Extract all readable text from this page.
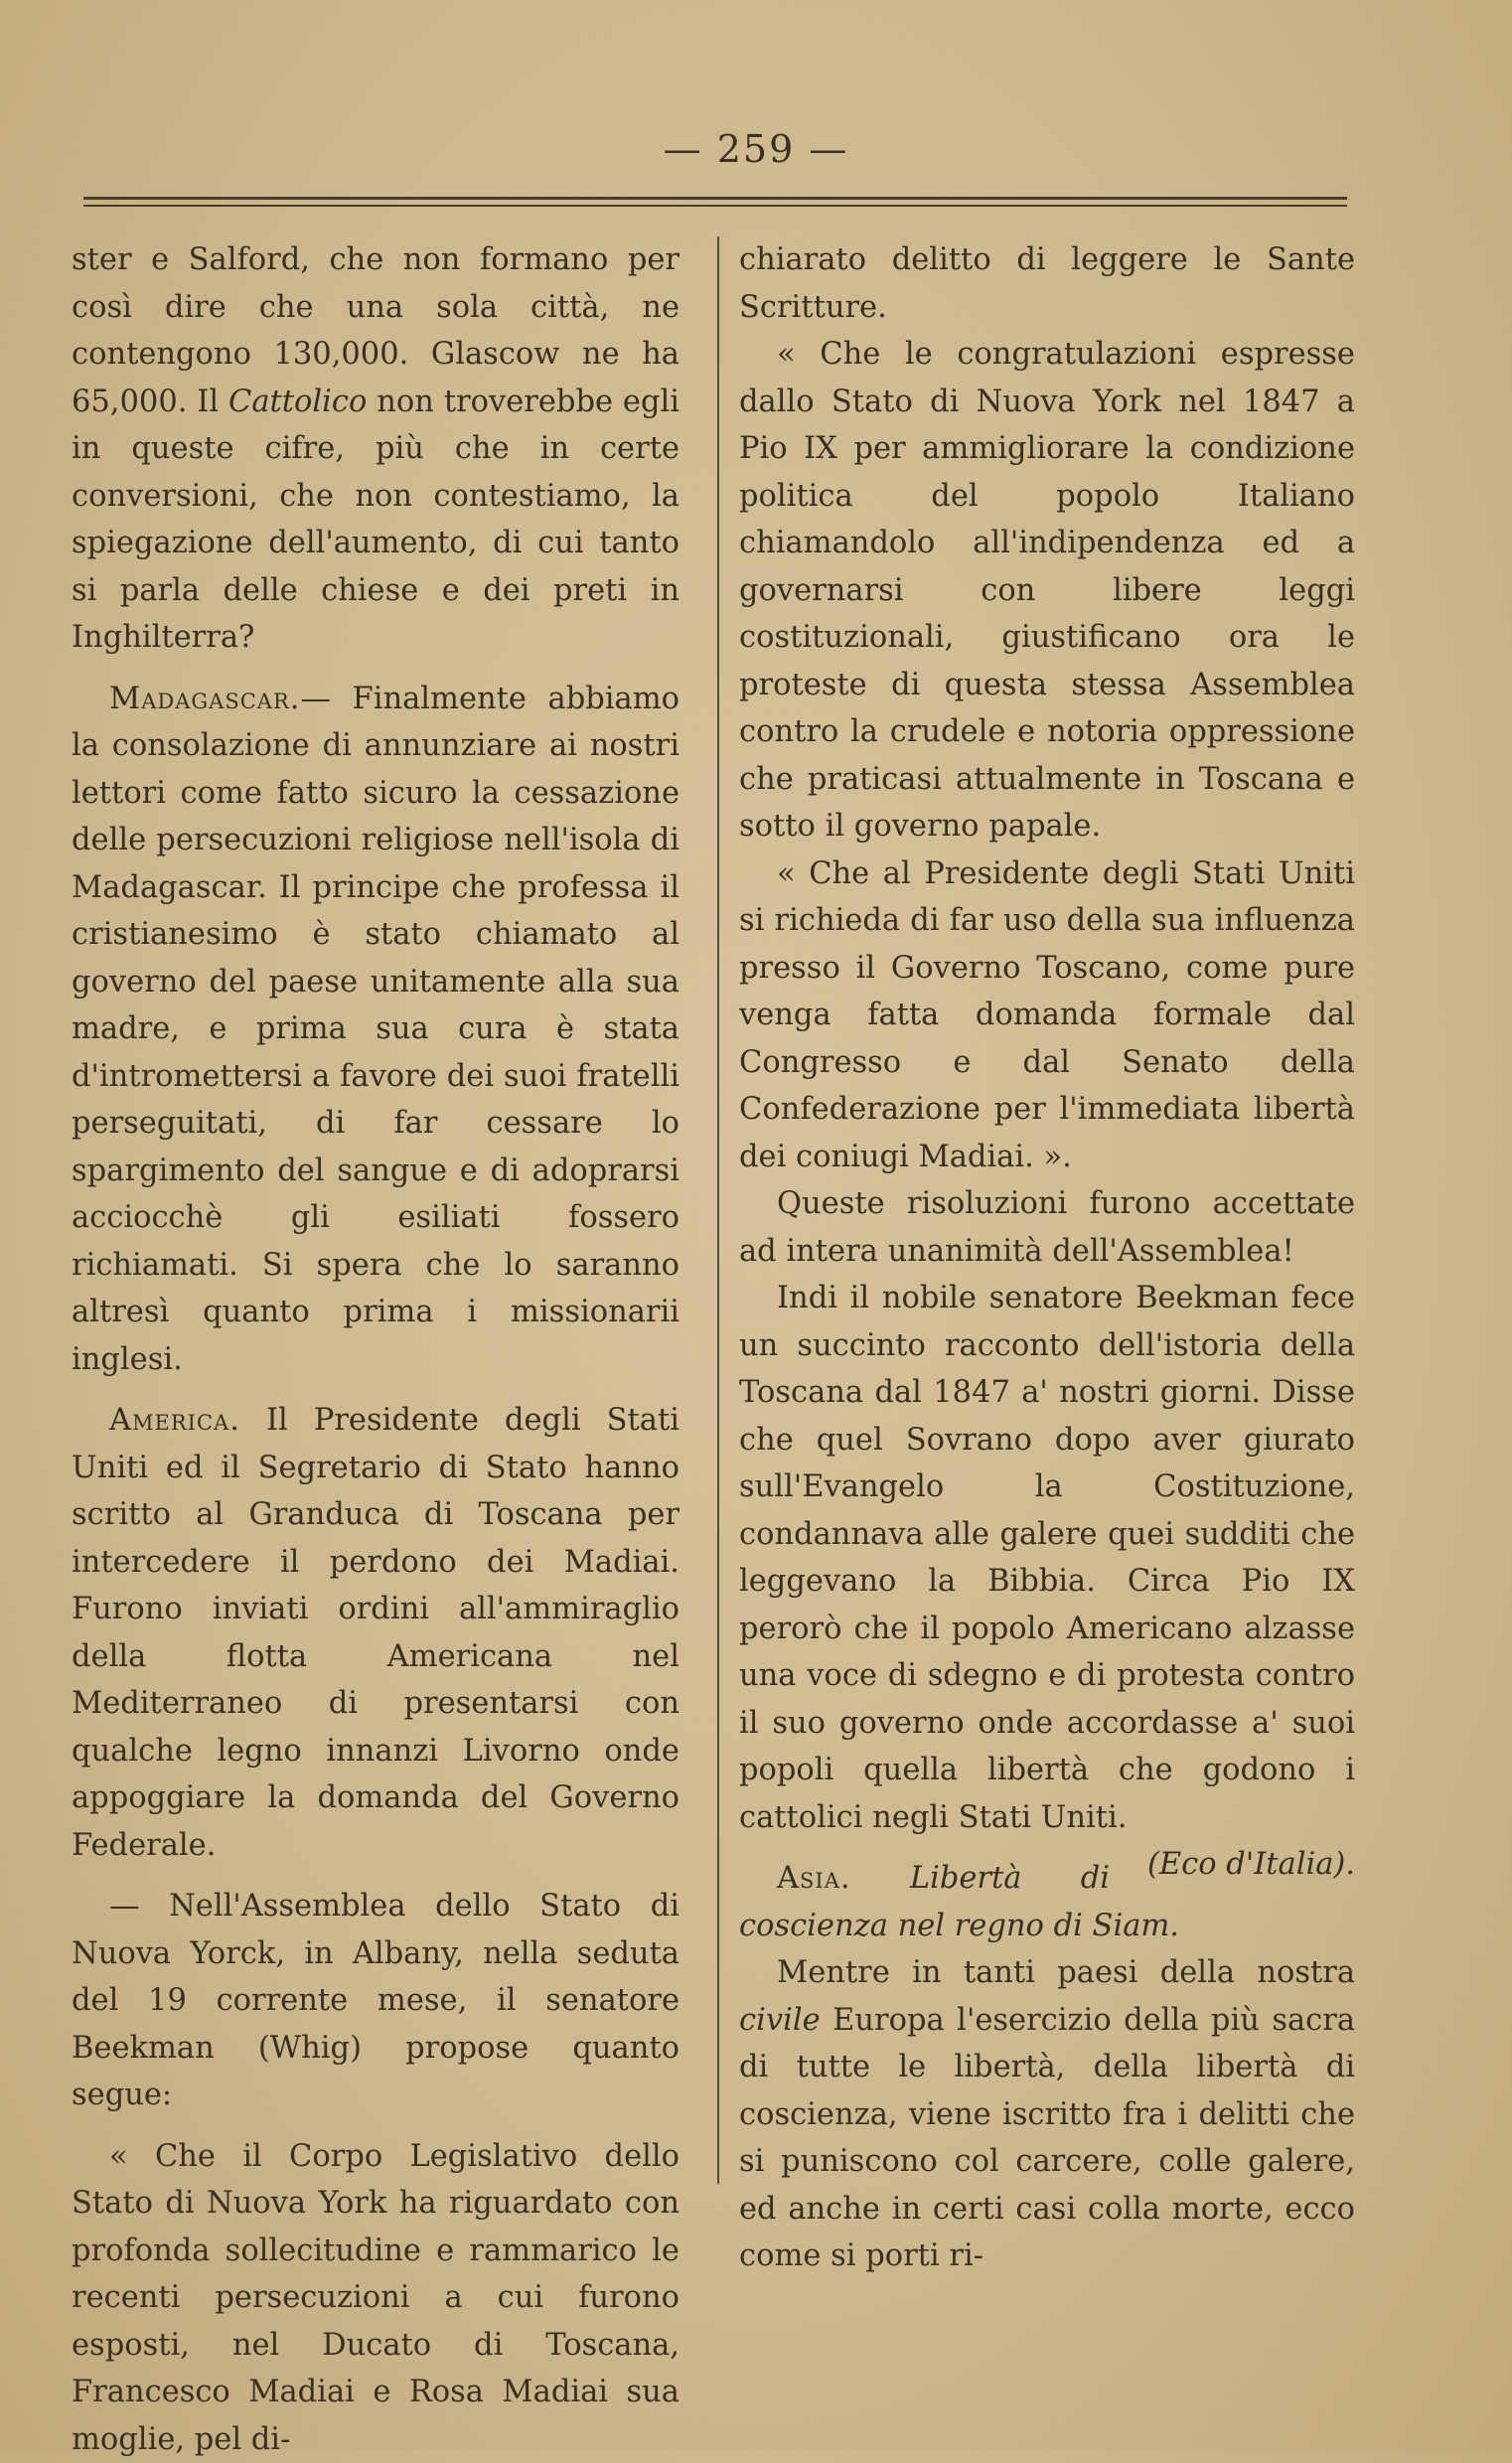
— 259 —

ster e Salford, che non formano per così dire che una sola città, ne contengono 130,000. Glascow ne ha 65,000. Il Cattolico non troverebbe egli in queste cifre, più che in certe conversioni, che non contestiamo, la spiegazione dell'aumento, di cui tanto si parla delle chiese e dei preti in Inghilterra?

Madagascar.— Finalmente abbiamo la consolazione di annunziare ai nostri lettori come fatto sicuro la cessazione delle persecuzioni religiose nell'isola di Madagascar. Il principe che professa il cristianesimo è stato chiamato al governo del paese unitamente alla sua madre, e prima sua cura è stata d'intromettersi a favore dei suoi fratelli perseguitati, di far cessare lo spargimento del sangue e di adoprarsi acciocchè gli esiliati fossero richiamati. Si spera che lo saranno altresì quanto prima i missionarii inglesi.

America. Il Presidente degli Stati Uniti ed il Segretario di Stato hanno scritto al Granduca di Toscana per intercedere il perdono dei Madiai. Furono inviati ordini all'ammiraglio della flotta Americana nel Mediterraneo di presentarsi con qualche legno innanzi Livorno onde appoggiare la domanda del Governo Federale.

— Nell'Assemblea dello Stato di Nuova Yorck, in Albany, nella seduta del 19 corrente mese, il senatore Beekman (Whig) propose quanto segue:

« Che il Corpo Legislativo dello Stato di Nuova York ha riguardato con profonda sollecitudine e rammarico le recenti persecuzioni a cui furono esposti, nel Ducato di Toscana, Francesco Madiai e Rosa Madiai sua moglie, pel di-

chiarato delitto di leggere le Sante Scritture.

« Che le congratulazioni espresse dallo Stato di Nuova York nel 1847 a Pio IX per ammigliorare la condizione politica del popolo Italiano chiamandolo all'indipendenza ed a governarsi con libere leggi costituzionali, giustificano ora le proteste di questa stessa Assemblea contro la crudele e notoria oppressione che praticasi attualmente in Toscana e sotto il governo papale.

« Che al Presidente degli Stati Uniti si richieda di far uso della sua influenza presso il Governo Toscano, come pure venga fatta domanda formale dal Congresso e dal Senato della Confederazione per l'immediata libertà dei coniugi Madiai. ».

Queste risoluzioni furono accettate ad intera unanimità dell'Assemblea!

Indi il nobile senatore Beekman fece un succinto racconto dell'istoria della Toscana dal 1847 a' nostri giorni. Disse che quel Sovrano dopo aver giurato sull'Evangelo la Costituzione, condannava alle galere quei sudditi che leggevano la Bibbia. Circa Pio IX perorò che il popolo Americano alzasse una voce di sdegno e di protesta contro il suo governo onde accordasse a' suoi popoli quella libertà che godono i cattolici negli Stati Uniti.
(Eco d'Italia).

Asia. Libertà di coscienza nel regno di Siam.

Mentre in tanti paesi della nostra civile Europa l'esercizio della più sacra di tutte le libertà, della libertà di coscienza, viene iscritto fra i delitti che si puniscono col carcere, colle galere, ed anche in certi casi colla morte, ecco come si porti ri-
